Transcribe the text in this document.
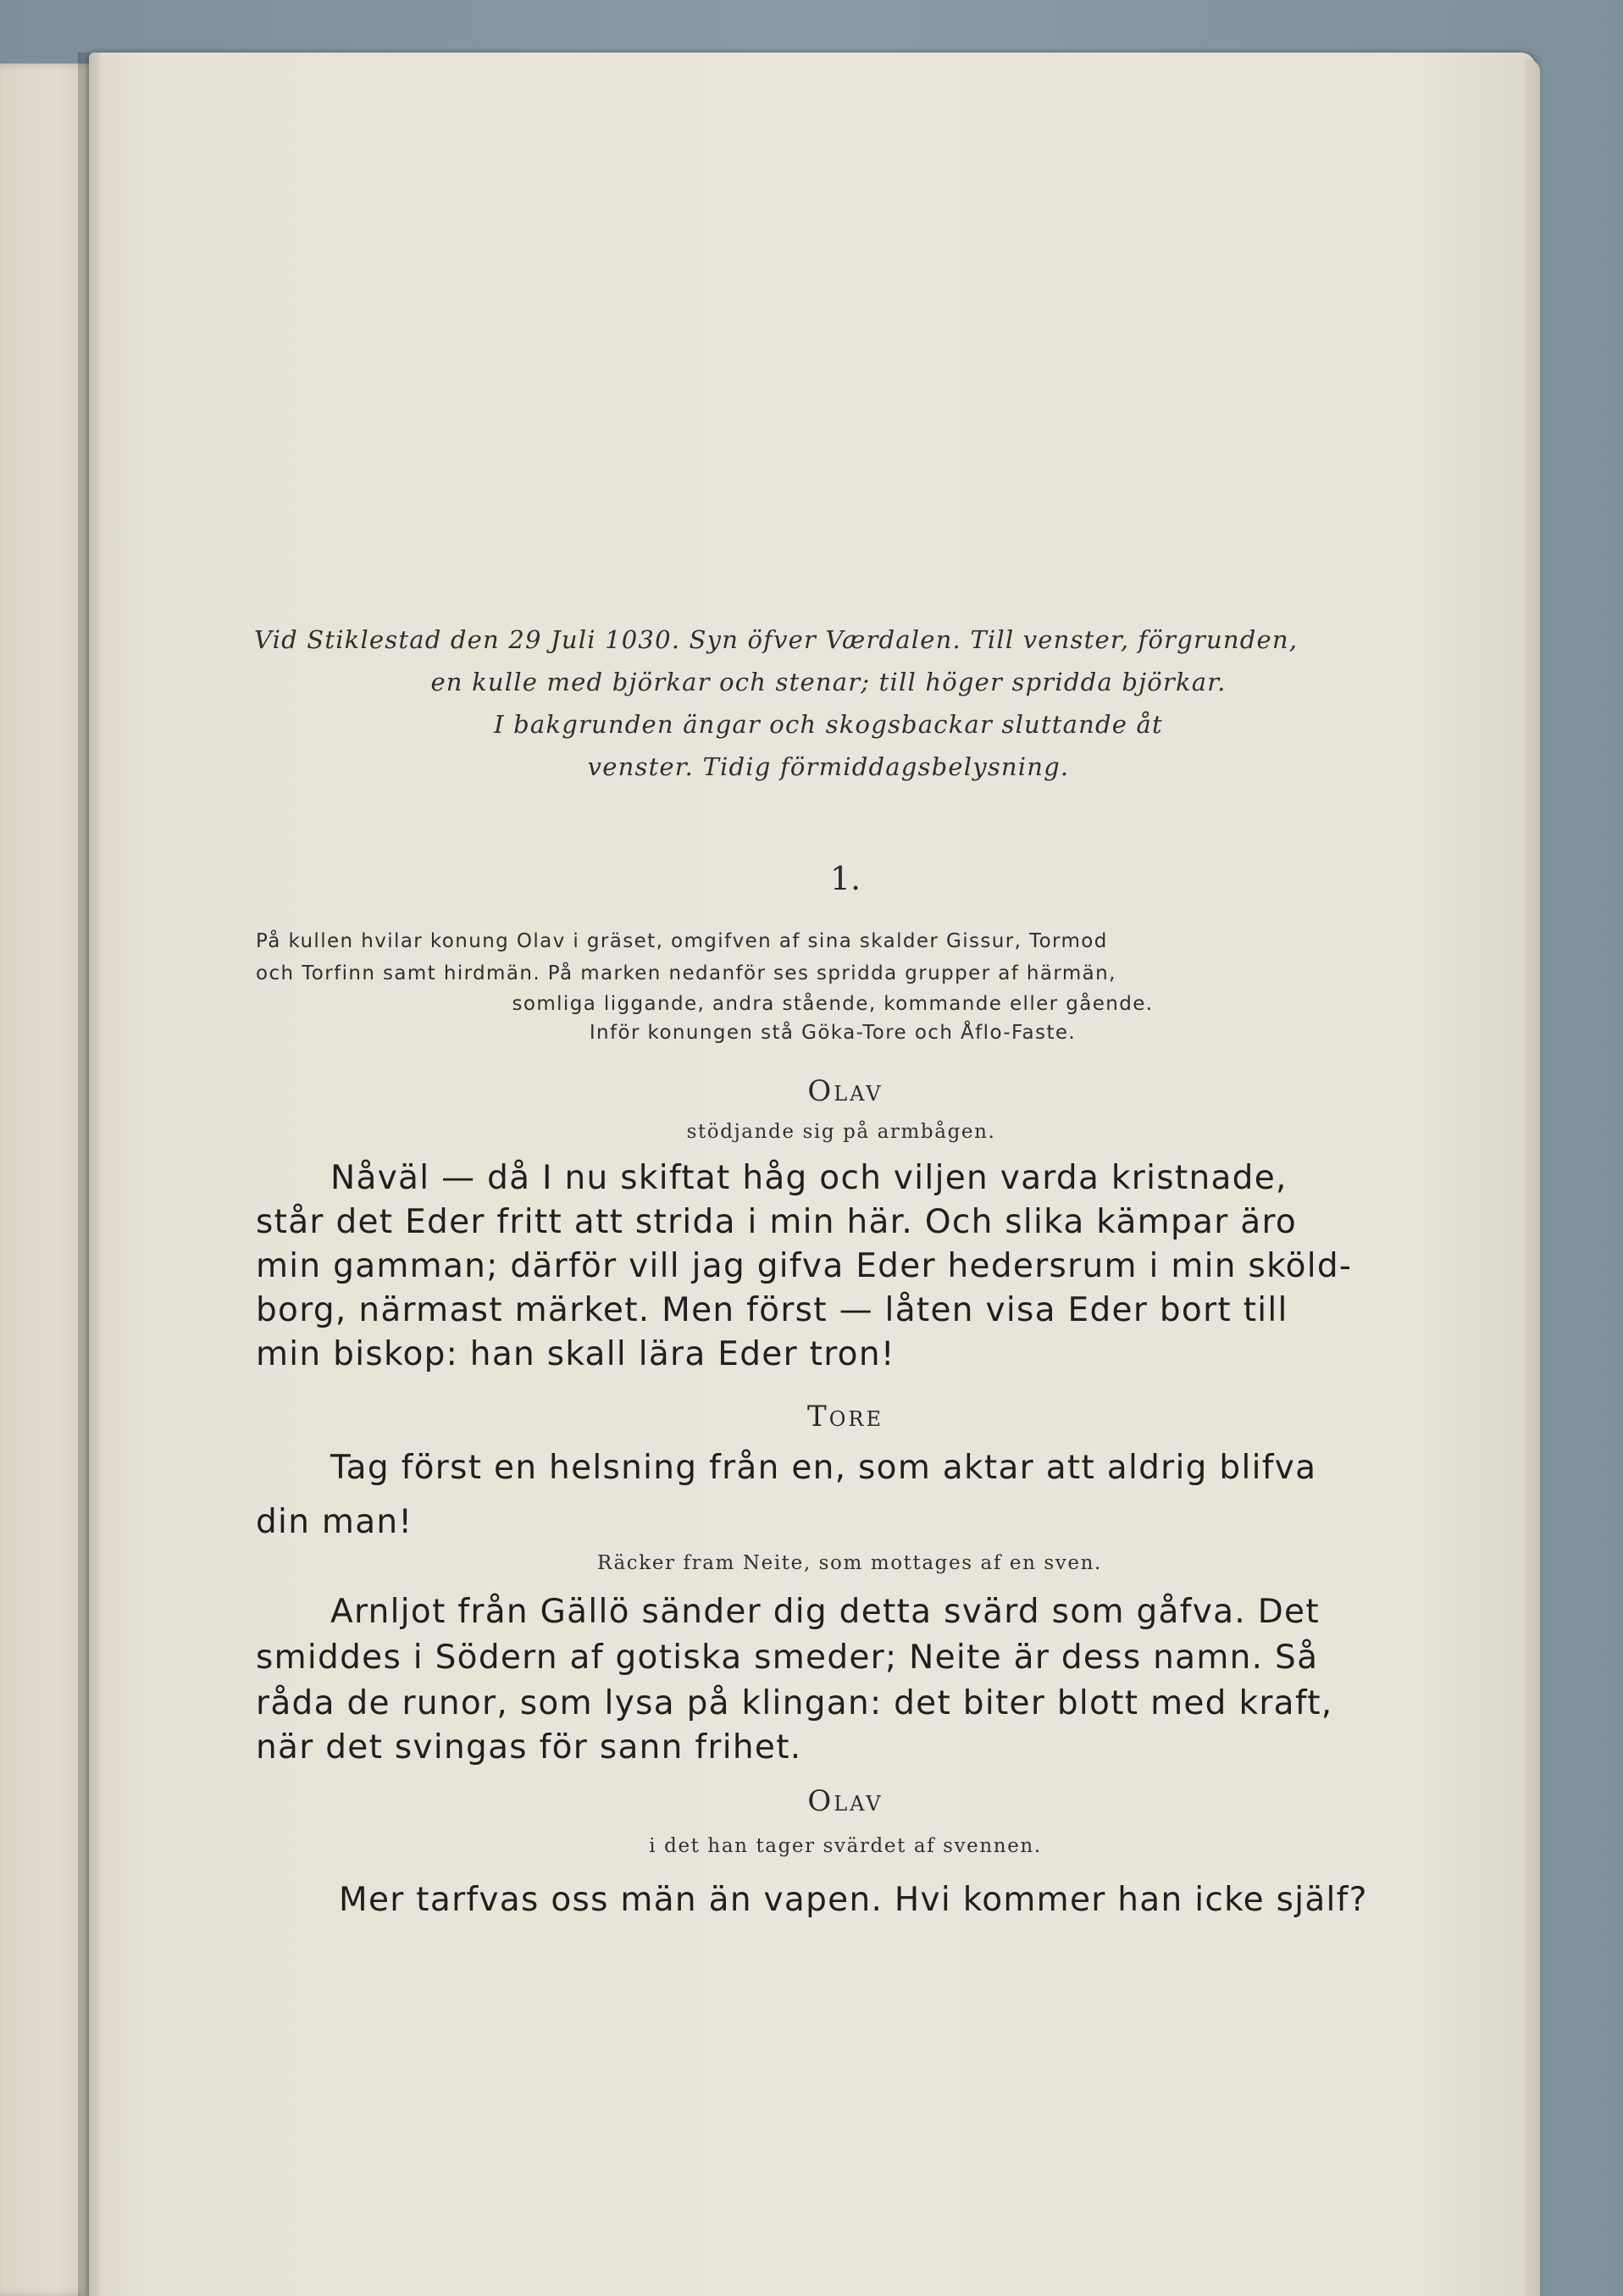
Vid Stiklestad den 29 Juli 1030. Syn öfver Værdalen. Till venster, förgrunden,

en kulle med björkar och stenar; till höger spridda björkar.

I bakgrunden ängar och skogsbackar sluttande åt

venster. Tidig förmiddagsbelysning.

1.

På kullen hvilar konung Olav i gräset, omgifven af sina skalder Gissur, Tormod

och Torfinn samt hirdmän. På marken nedanför ses spridda grupper af härmän,

somliga liggande, andra stående, kommande eller gående.

Inför konungen stå Göka-Tore och Åflo-Faste.

Olav

stödjande sig på armbågen.

Nåväl — då I nu skiftat håg och viljen varda kristnade,

står det Eder fritt att strida i min här. Och slika kämpar äro

min gamman; därför vill jag gifva Eder hedersrum i min sköld-

borg, närmast märket. Men först — låten visa Eder bort till

min biskop: han skall lära Eder tron!

Tore

Tag först en helsning från en, som aktar att aldrig blifva

din man!

Räcker fram Neite, som mottages af en sven.

Arnljot från Gällö sänder dig detta svärd som gåfva. Det

smiddes i Södern af gotiska smeder; Neite är dess namn. Så

råda de runor, som lysa på klingan: det biter blott med kraft,

när det svingas för sann frihet.

Olav

i det han tager svärdet af svennen.

Mer tarfvas oss män än vapen. Hvi kommer han icke själf?
